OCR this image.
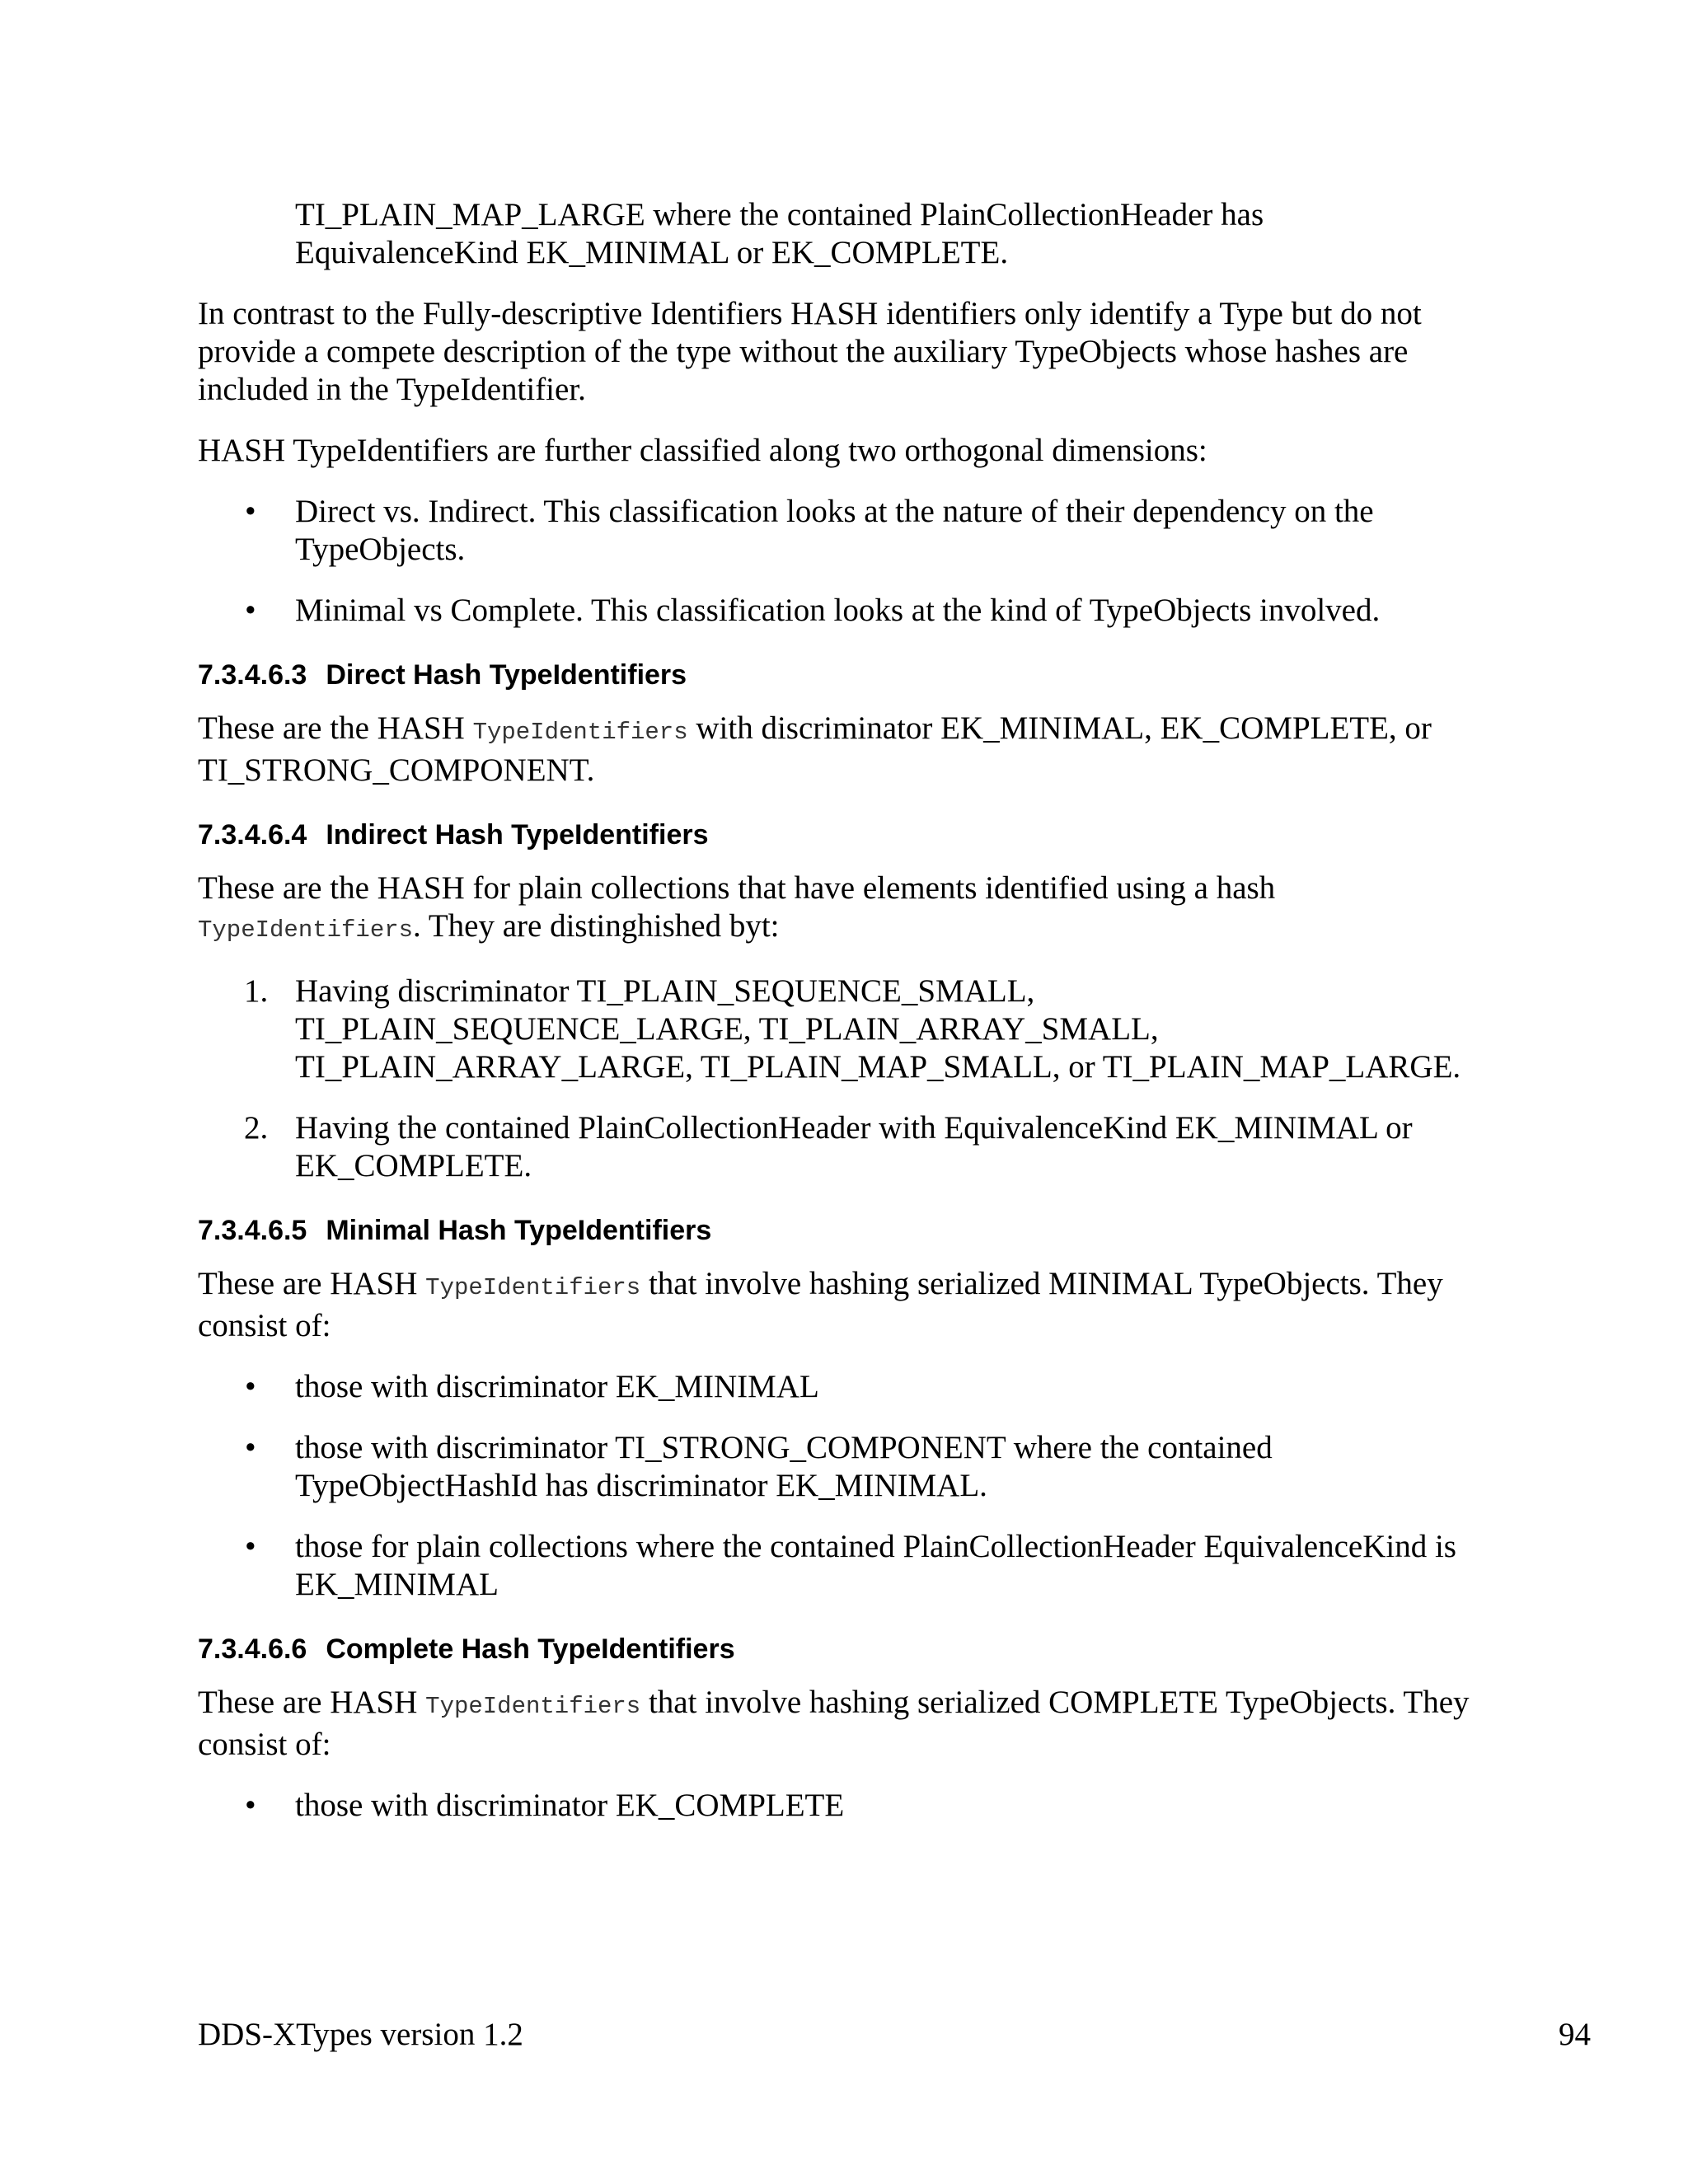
TI_PLAIN_MAP_LARGE where the contained PlainCollectionHeader has EquivalenceKind EK_MINIMAL or EK_COMPLETE.

In contrast to the Fully-descriptive Identifiers HASH identifiers only identify a Type but do not provide a compete description of the type without the auxiliary TypeObjects whose hashes are included in the TypeIdentifier.

HASH TypeIdentifiers are further classified along two orthogonal dimensions:

• Direct vs. Indirect. This classification looks at the nature of their dependency on the TypeObjects.
• Minimal vs Complete. This classification looks at the kind of TypeObjects involved.
7.3.4.6.3 Direct Hash TypeIdentifiers

These are the HASH TypeIdentifiers with discriminator EK_MINIMAL, EK_COMPLETE, or TI_STRONG_COMPONENT.

7.3.4.6.4 Indirect Hash TypeIdentifiers

These are the HASH for plain collections that have elements identified using a hash TypeIdentifiers. They are distinghished byt:

1. Having discriminator TI_PLAIN_SEQUENCE_SMALL, TI_PLAIN_SEQUENCE_LARGE, TI_PLAIN_ARRAY_SMALL, TI_PLAIN_ARRAY_LARGE, TI_PLAIN_MAP_SMALL, or TI_PLAIN_MAP_LARGE.
2. Having the contained PlainCollectionHeader with EquivalenceKind EK_MINIMAL or EK_COMPLETE.
7.3.4.6.5 Minimal Hash TypeIdentifiers

These are HASH TypeIdentifiers that involve hashing serialized MINIMAL TypeObjects. They consist of:

• those with discriminator EK_MINIMAL
• those with discriminator TI_STRONG_COMPONENT where the contained TypeObjectHashId has discriminator EK_MINIMAL.
• those for plain collections where the contained PlainCollectionHeader EquivalenceKind is EK_MINIMAL
7.3.4.6.6 Complete Hash TypeIdentifiers

These are HASH TypeIdentifiers that involve hashing serialized COMPLETE TypeObjects. They consist of:

• those with discriminator EK_COMPLETE
DDS-XTypes version 1.2	94
